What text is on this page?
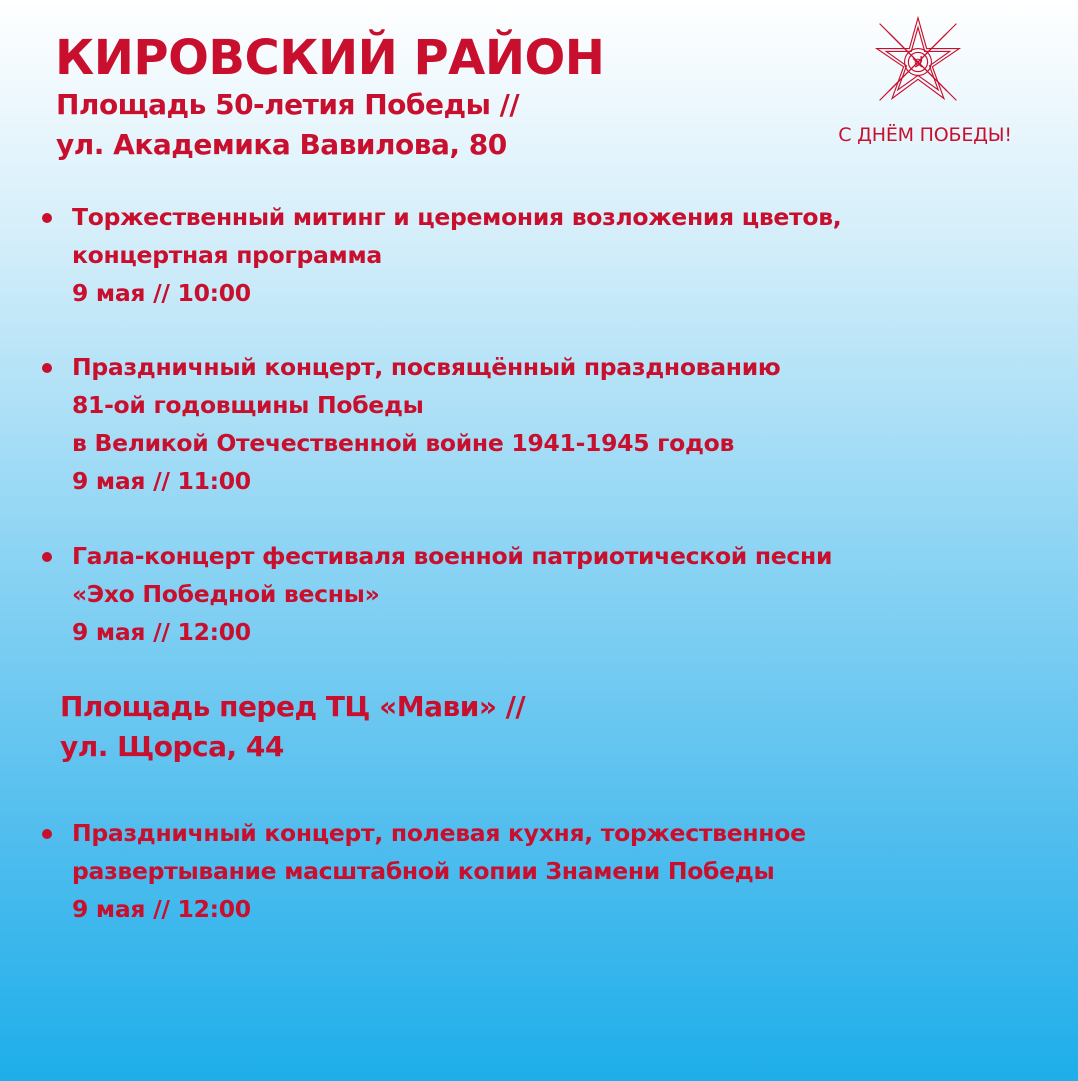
КИРОВСКИЙ РАЙОН
Площадь 50-летия Победы //
ул. Академика Вавилова, 80	С ДНЁМ ПОБЕДЫ!
Торжественный митинг и церемония возложения цветов,
концертная программа
9 мая // 10:00
Праздничный концерт, посвящённый празднованию
81-ой годовщины Победы
в Великой Отечественной войне 1941-1945 годов
9 мая // 11:00
Гала-концерт фестиваля военной патриотической песни
«Эхо Победной весны»
9 мая // 12:00
Площадь перед ТЦ «Мави» //
ул. Щорса, 44
Праздничный концерт, полевая кухня, торжественное
развертывание масштабной копии Знамени Победы
9 мая // 12:00
